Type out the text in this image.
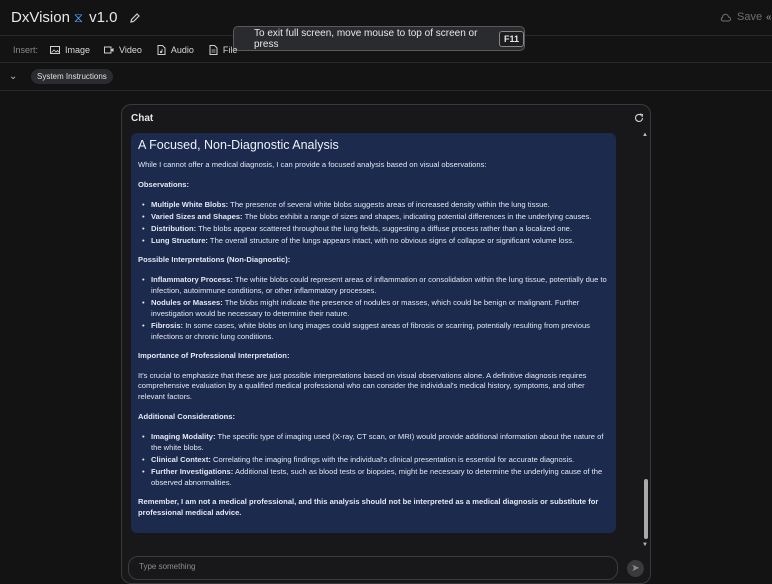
DxVision ⧖ v1.0	Save «
To exit full screen, move mouse to top of screen or press	F11
Insert:	Image	Video	Audio	File
⌄	System Instructions
Chat
A Focused, Non-Diagnostic Analysis

While I cannot offer a medical diagnosis, I can provide a focused analysis based on visual observations:

Observations:
• Multiple White Blobs: The presence of several white blobs suggests areas of increased density within the lung tissue.
• Varied Sizes and Shapes: The blobs exhibit a range of sizes and shapes, indicating potential differences in the underlying causes.
• Distribution: The blobs appear scattered throughout the lung fields, suggesting a diffuse process rather than a localized one.
• Lung Structure: The overall structure of the lungs appears intact, with no obvious signs of collapse or significant volume loss.
Possible Interpretations (Non-Diagnostic):
• Inflammatory Process: The white blobs could represent areas of inflammation or consolidation within the lung tissue, potentially due to infection, autoimmune conditions, or other inflammatory processes.
• Nodules or Masses: The blobs might indicate the presence of nodules or masses, which could be benign or malignant. Further investigation would be necessary to determine their nature.
• Fibrosis: In some cases, white blobs on lung images could suggest areas of fibrosis or scarring, potentially resulting from previous infections or chronic lung conditions.
Importance of Professional Interpretation:

It's crucial to emphasize that these are just possible interpretations based on visual observations alone. A definitive diagnosis requires comprehensive evaluation by a qualified medical professional who can consider the individual's medical history, symptoms, and other relevant factors.

Additional Considerations:
• Imaging Modality: The specific type of imaging used (X-ray, CT scan, or MRI) would provide additional information about the nature of the white blobs.
• Clinical Context: Correlating the imaging findings with the individual's clinical presentation is essential for accurate diagnosis.
• Further Investigations: Additional tests, such as blood tests or biopsies, might be necessary to determine the underlying cause of the observed abnormalities.

Remember, I am not a medical professional, and this analysis should not be interpreted as a medical diagnosis or substitute for professional medical advice.

▲
▼
Type something	➤
